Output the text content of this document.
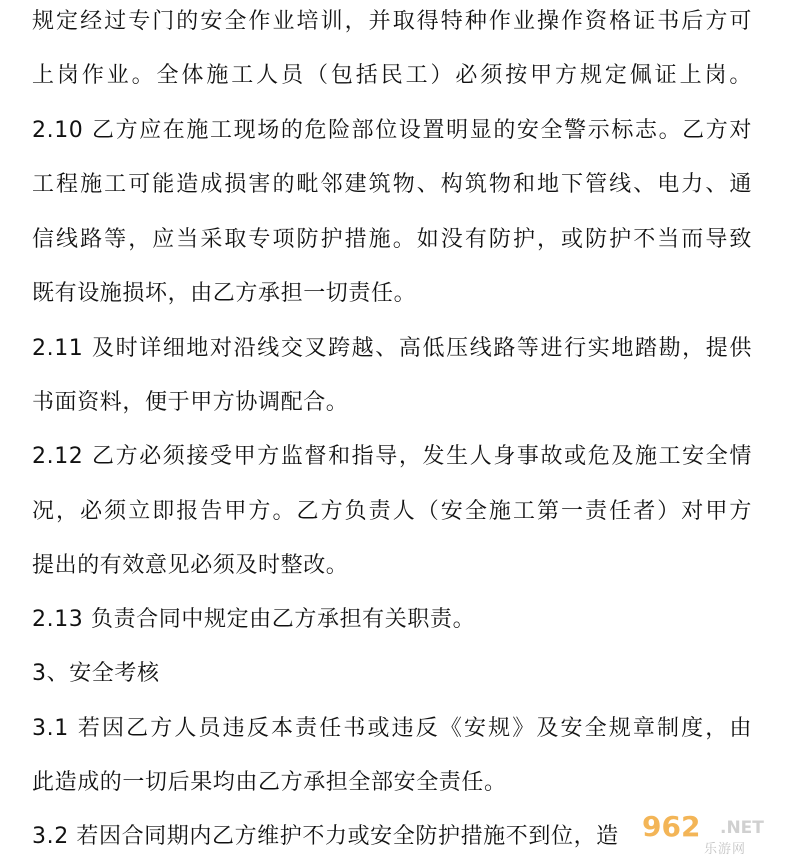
规定经过专门的安全作业培训，并取得特种作业操作资格证书后方可
上岗作业。全体施工人员（包括民工）必须按甲方规定佩证上岗。
2.10 乙方应在施工现场的危险部位设置明显的安全警示标志。乙方对
工程施工可能造成损害的毗邻建筑物、构筑物和地下管线、电力、通
信线路等，应当采取专项防护措施。如没有防护，或防护不当而导致
既有设施损坏，由乙方承担一切责任。
2.11 及时详细地对沿线交叉跨越、高低压线路等进行实地踏勘，提供
书面资料，便于甲方协调配合。
2.12 乙方必须接受甲方监督和指导，发生人身事故或危及施工安全情
况，必须立即报告甲方。乙方负责人（安全施工第一责任者）对甲方
提出的有效意见必须及时整改。
2.13 负责合同中规定由乙方承担有关职责。
3、安全考核
3.1 若因乙方人员违反本责任书或违反《安规》及安全规章制度，由
此造成的一切后果均由乙方承担全部安全责任。
3.2 若因合同期内乙方维护不力或安全防护措施不到位，造 962 .NET
乐游网
